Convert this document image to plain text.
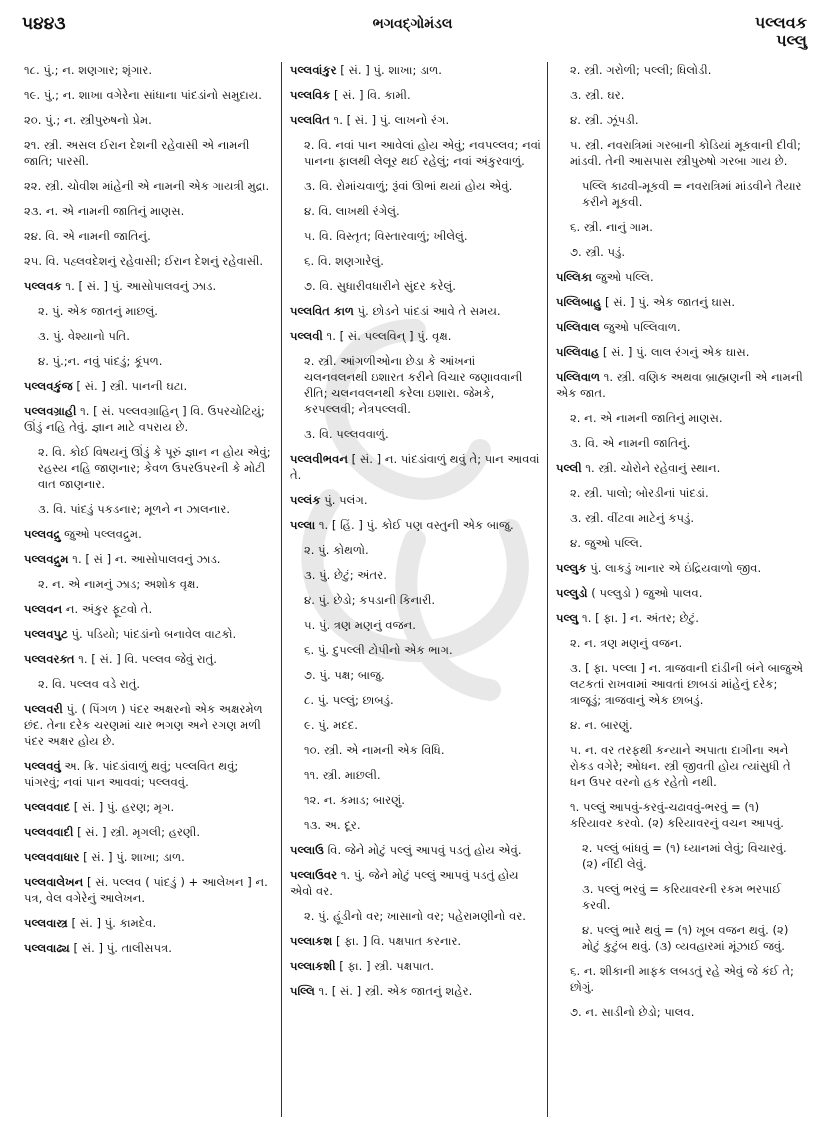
૫૪૪૩	ભગવદ્ગોમંડલ	પલ્લવક
પલ્લુ
૧૮. પું.; ન. શણગાર; શૃંગાર.
૧૯. પું.; ન. શાખા વગેરેના સાંધાના પાંદડાંનો સમુદાય.
૨૦. પું.; ન. સ્ત્રીપુરુષનો પ્રેમ.
૨૧. સ્ત્રી. અસલ ઈરાન દેશની રહેવાસી એ નામની જાતિ; પારસી.
૨૨. સ્ત્રી. ચોવીશ માંહેની એ નામની એક ગાયત્રી મુદ્રા.
૨૩. ન. એ નામની જાતિનું માણસ.
૨૪. વિ. એ નામની જાતિનું.
૨૫. વિ. પહ્લવદેશનું રહેવાસી; ઈરાન દેશનું રહેવાસી.
પલ્લવક ૧. [ સં. ] પું. આસોપાલવનું ઝાડ.
૨. પું. એક જાતનું માછલું.
૩. પું. વેશ્યાનો પતિ.
૪. પું.;ન. નવું પાંદડું; કૂંપળ.
પલ્લવકુંજ [ સં. ] સ્ત્રી. પાનની ઘટા.
પલ્લવગ્રાહી ૧. [ સં. પલ્લવગ્રાહિન્ ] વિ. ઉપરચોટિયું; ઊંડું નહિ તેવું. જ્ઞાન માટે વપરાય છે.
૨. વિ. કોઈ વિષયનું ઊંડું કે પૂરું જ્ઞાન ન હોય એવું; રહસ્ય નહિ જાણનાર; કેવળ ઉપરઉપરની કે મોટી વાત જાણનાર.
૩. વિ. પાંદડું પકડનાર; મૂળને ન ઝાલનાર.
પલ્લવદ્રુ જુઓ પલ્લવદ્રુમ.
પલ્લવદ્રુમ ૧. [ સં ] ન. આસોપાલવનું ઝાડ.
૨. ન. એ નામનું ઝાડ; અશોક વૃક્ષ.
પલ્લવન ન. અંકુર ફૂટવો તે.
પલ્લવપુટ પું. પડિયો; પાંદડાંનો બનાવેલ વાટકો.
પલ્લવરક્ત ૧. [ સં. ] વિ. પલ્લવ જેવું રાતું.
૨. વિ. પલ્લવ વડે રાતું.
પલ્લવરી પું. ( પિંગળ ) પંદર અક્ષરનો એક અક્ષરમેળ છંદ. તેના દરેક ચરણમાં ચાર ભગણ અને રગણ મળી પંદર અક્ષર હોય છે.
પલ્લવવું અ. ક્રિ. પાંદડાંવાળું થવું; પલ્લવિત થવું; પાંગરવું; નવાં પાન આવવાં; પલ્લવવું.
પલ્લવવાદ [ સં. ] પું. હરણ; મૃગ.
પલ્લવવાદી [ સં. ] સ્ત્રી. મૃગલી; હરણી.
પલ્લવવાધાર [ સં. ] પું. શાખા; ડાળ.
પલ્લવાલેખન [ સં. પલ્લવ ( પાંદડું ) + આલેખન ] ન. પત્ર, વેલ વગેરેનું આલેખન.
પલ્લવાસ્ત્ર [ સં. ] પું. કામદેવ.
પલ્લવાઢ્ય [ સં. ] પું. તાલીસપત્ર.
પલ્લવાંકુર [ સં. ] પું. શાખા; ડાળ.
પલ્લવિક [ સં. ] વિ. કામી.
પલ્લવિત ૧. [ સં. ] પું. લાખનો રંગ.
૨. વિ. નવાં પાન આવેલાં હોય એવું; નવપલ્લવ; નવાં પાનના ફાલથી લેલૂર થઈ રહેલું; નવાં અંકુરવાળું.
૩. વિ. રોમાંચવાળું; રૂંવાં ઊભાં થયાં હોય એવું.
૪. વિ. લાખથી રંગેલું.
૫. વિ. વિસ્તૃત; વિસ્તારવાળું; ખીલેલું.
૬. વિ. શણગારેલું.
૭. વિ. સુધારીવધારીને સુંદર કરેલું.
પલ્લવિત કાળ પું. છોડને પાંદડાં આવે તે સમય.
પલ્લવી ૧. [ સં. પલ્લવિન્ ] પું. વૃક્ષ.
૨. સ્ત્રી. આંગળીઓના છેડા કે આંખનાં ચલનવલનથી ઇશારત કરીને વિચાર જણાવવાની રીતિ; ચલનવલનથી કરેલા ઇશારા. જેમકે, કરપલ્લવી; નેત્રપલ્લવી.
૩. વિ. પલ્લવવાળું.
પલ્લવીભવન [ સં. ] ન. પાંદડાંવાળું થવું તે; પાન આવવાં તે.
પલ્લંક પું. પલંગ.
પલ્લા ૧. [ હિં. ] પું. કોઈ પણ વસ્તુની એક બાજુ.
૨. પું. કોથળો.
૩. પું. છેટું; અંતર.
૪. પું. છેડો; કપડાની કિનારી.
૫. પું. ત્રણ મણનું વજન.
૬. પું. દુપલ્લી ટોપીનો એક ભાગ.
૭. પું. પક્ષ; બાજુ.
૮. પું. પલ્લું; છાબડું.
૯. પું. મદદ.
૧૦. સ્ત્રી. એ નામની એક વિધિ.
૧૧. સ્ત્રી. માછલી.
૧૨. ન. કમાડ; બારણું.
૧૩. અ. દૂર.
પલ્લાઉ વિ. જેને મોટું પલ્લું આપવું પડતું હોય એવું.
પલ્લાઉવર ૧. પું. જેને મોટું પલ્લું આપવું પડતું હોય એવો વર.
૨. પું. હૂંડીનો વર; ખાસાનો વર; પહેરામણીનો વર.
પલ્લાકશ [ ફા. ] વિ. પક્ષપાત કરનાર.
પલ્લાકશી [ ફા. ] સ્ત્રી. પક્ષપાત.
પલ્લિ ૧. [ સં. ] સ્ત્રી. એક જાતનું શહેર.
૨. સ્ત્રી. ગરોળી; પલ્લી; ધિલોડી.
૩. સ્ત્રી. ઘર.
૪. સ્ત્રી. ઝૂંપડી.
૫. સ્ત્રી. નવરાત્રિમાં ગરબાની કોડિયાં મૂકવાની દીવી; માંડવી. તેની આસપાસ સ્ત્રીપુરુષો ગરબા ગાય છે.
પલ્લિ કાઢવી-મૂકવી = નવરાત્રિમાં માંડવીને તૈયાર કરીને મૂકવી.
૬. સ્ત્રી. નાનું ગામ.
૭. સ્ત્રી. પડું.
પલ્લિકા જુઓ પલ્લિ.
પલ્લિબાહુ [ સં. ] પું. એક જાતનું ઘાસ.
પલ્લિવાલ જુઓ પલ્લિવાળ.
પલ્લિવાહ [ સં. ] પું. લાલ રંગનું એક ઘાસ.
પલ્લિવાળ ૧. સ્ત્રી. વણિક અથવા બ્રાહ્મણની એ નામની એક જાત.
૨. ન. એ નામની જાતિનું માણસ.
૩. વિ. એ નામની જાતિનું.
પલ્લી ૧. સ્ત્રી. ચોરોને રહેવાનું સ્થાન.
૨. સ્ત્રી. પાલો; બોરડીનાં પાંદડાં.
૩. સ્ત્રી. વીંટવા માટેનું કપડું.
૪. જુઓ પલ્લિ.
પલ્લુક પું. લાકડું ખાનાર એ ઇંદ્રિયવાળો જીવ.
પલ્લુડો ( પલ્લુડો ) જુઓ પાલવ.
પલ્લુ ૧. [ ફા. ] ન. અંતર; છેટું.
૨. ન. ત્રણ મણનું વજન.
૩. [ ફા. પલ્લા ] ન. ત્રાજવાની દાંડીની બંને બાજુએ લટકતાં રાખવામાં આવતાં છાબડાં માંહેનું દરેક; ત્રાજૂડું; ત્રાજવાનું એક છાબડું.
૪. ન. બારણું.
૫. ન. વર તરફથી કન્યાને અપાતા દાગીના અને રોકડ વગેરે; ઓધન. સ્ત્રી જીવતી હોય ત્યાંસુધી તે ધન ઉપર વરનો હક રહેતો નથી.
૧. પલ્લું આપવું-કરવું-ચઢાવવું-ભરવું = (૧) કરિયાવર કરવો. (૨) કરિયાવરનું વચન આપવું.
૨. પલ્લું બાંધવું = (૧) ધ્યાનમાં લેવું; વિચારવું. (૨) નીંદી લેવું.
૩. પલ્લું ભરવું = કરિયાવરની રકમ ભરપાઈ કરવી.
૪. પલ્લું ભારે થવું = (૧) ખૂબ વજન થવું. (૨) મોટું કુટુંબ થવું. (૩) વ્યવહારમાં મૂંઝાઈ જવું.
૬. ન. શીકાની માફક લબડતું રહે એવું જે કંઈ તે; છોગું.
૭. ન. સાડીનો છેડો; પાલવ.
